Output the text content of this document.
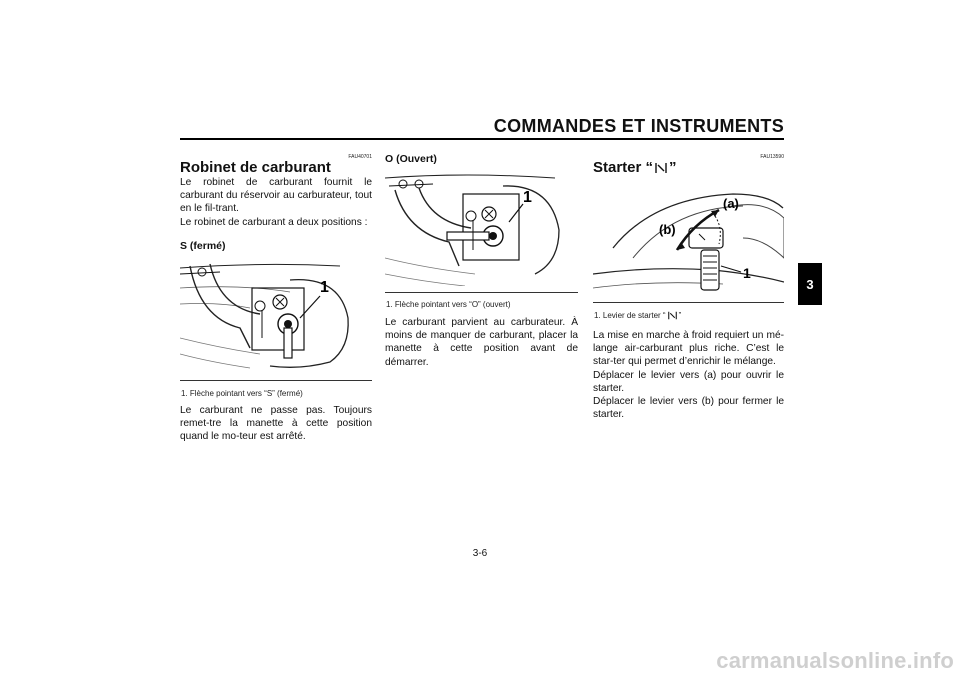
COMMANDES ET INSTRUMENTS
3
FAU40701
Robinet de carburant

Le robinet de carburant fournit le carburant du réservoir au carburateur, tout en le fil-trant.

Le robinet de carburant a deux positions :

S (fermé)
1
1. Flèche pointant vers “S” (fermé)
Le carburant ne passe pas. Toujours remet-tre la manette à cette position quand le mo-teur est arrêté.
O (Ouvert)
1
1. Flèche pointant vers “O” (ouvert)
Le carburant parvient au carburateur. À moins de manquer de carburant, placer la manette à cette position avant de démarrer.
FAU13590
Starter “ ”
(a)
(b)
1
1. Levier de starter “ ”

La mise en marche à froid requiert un mé-lange air-carburant plus riche. C’est le star-ter qui permet d’enrichir le mélange.

Déplacer le levier vers (a) pour ouvrir le starter.

Déplacer le levier vers (b) pour fermer le starter.

3-6
carmanualsonline.info
